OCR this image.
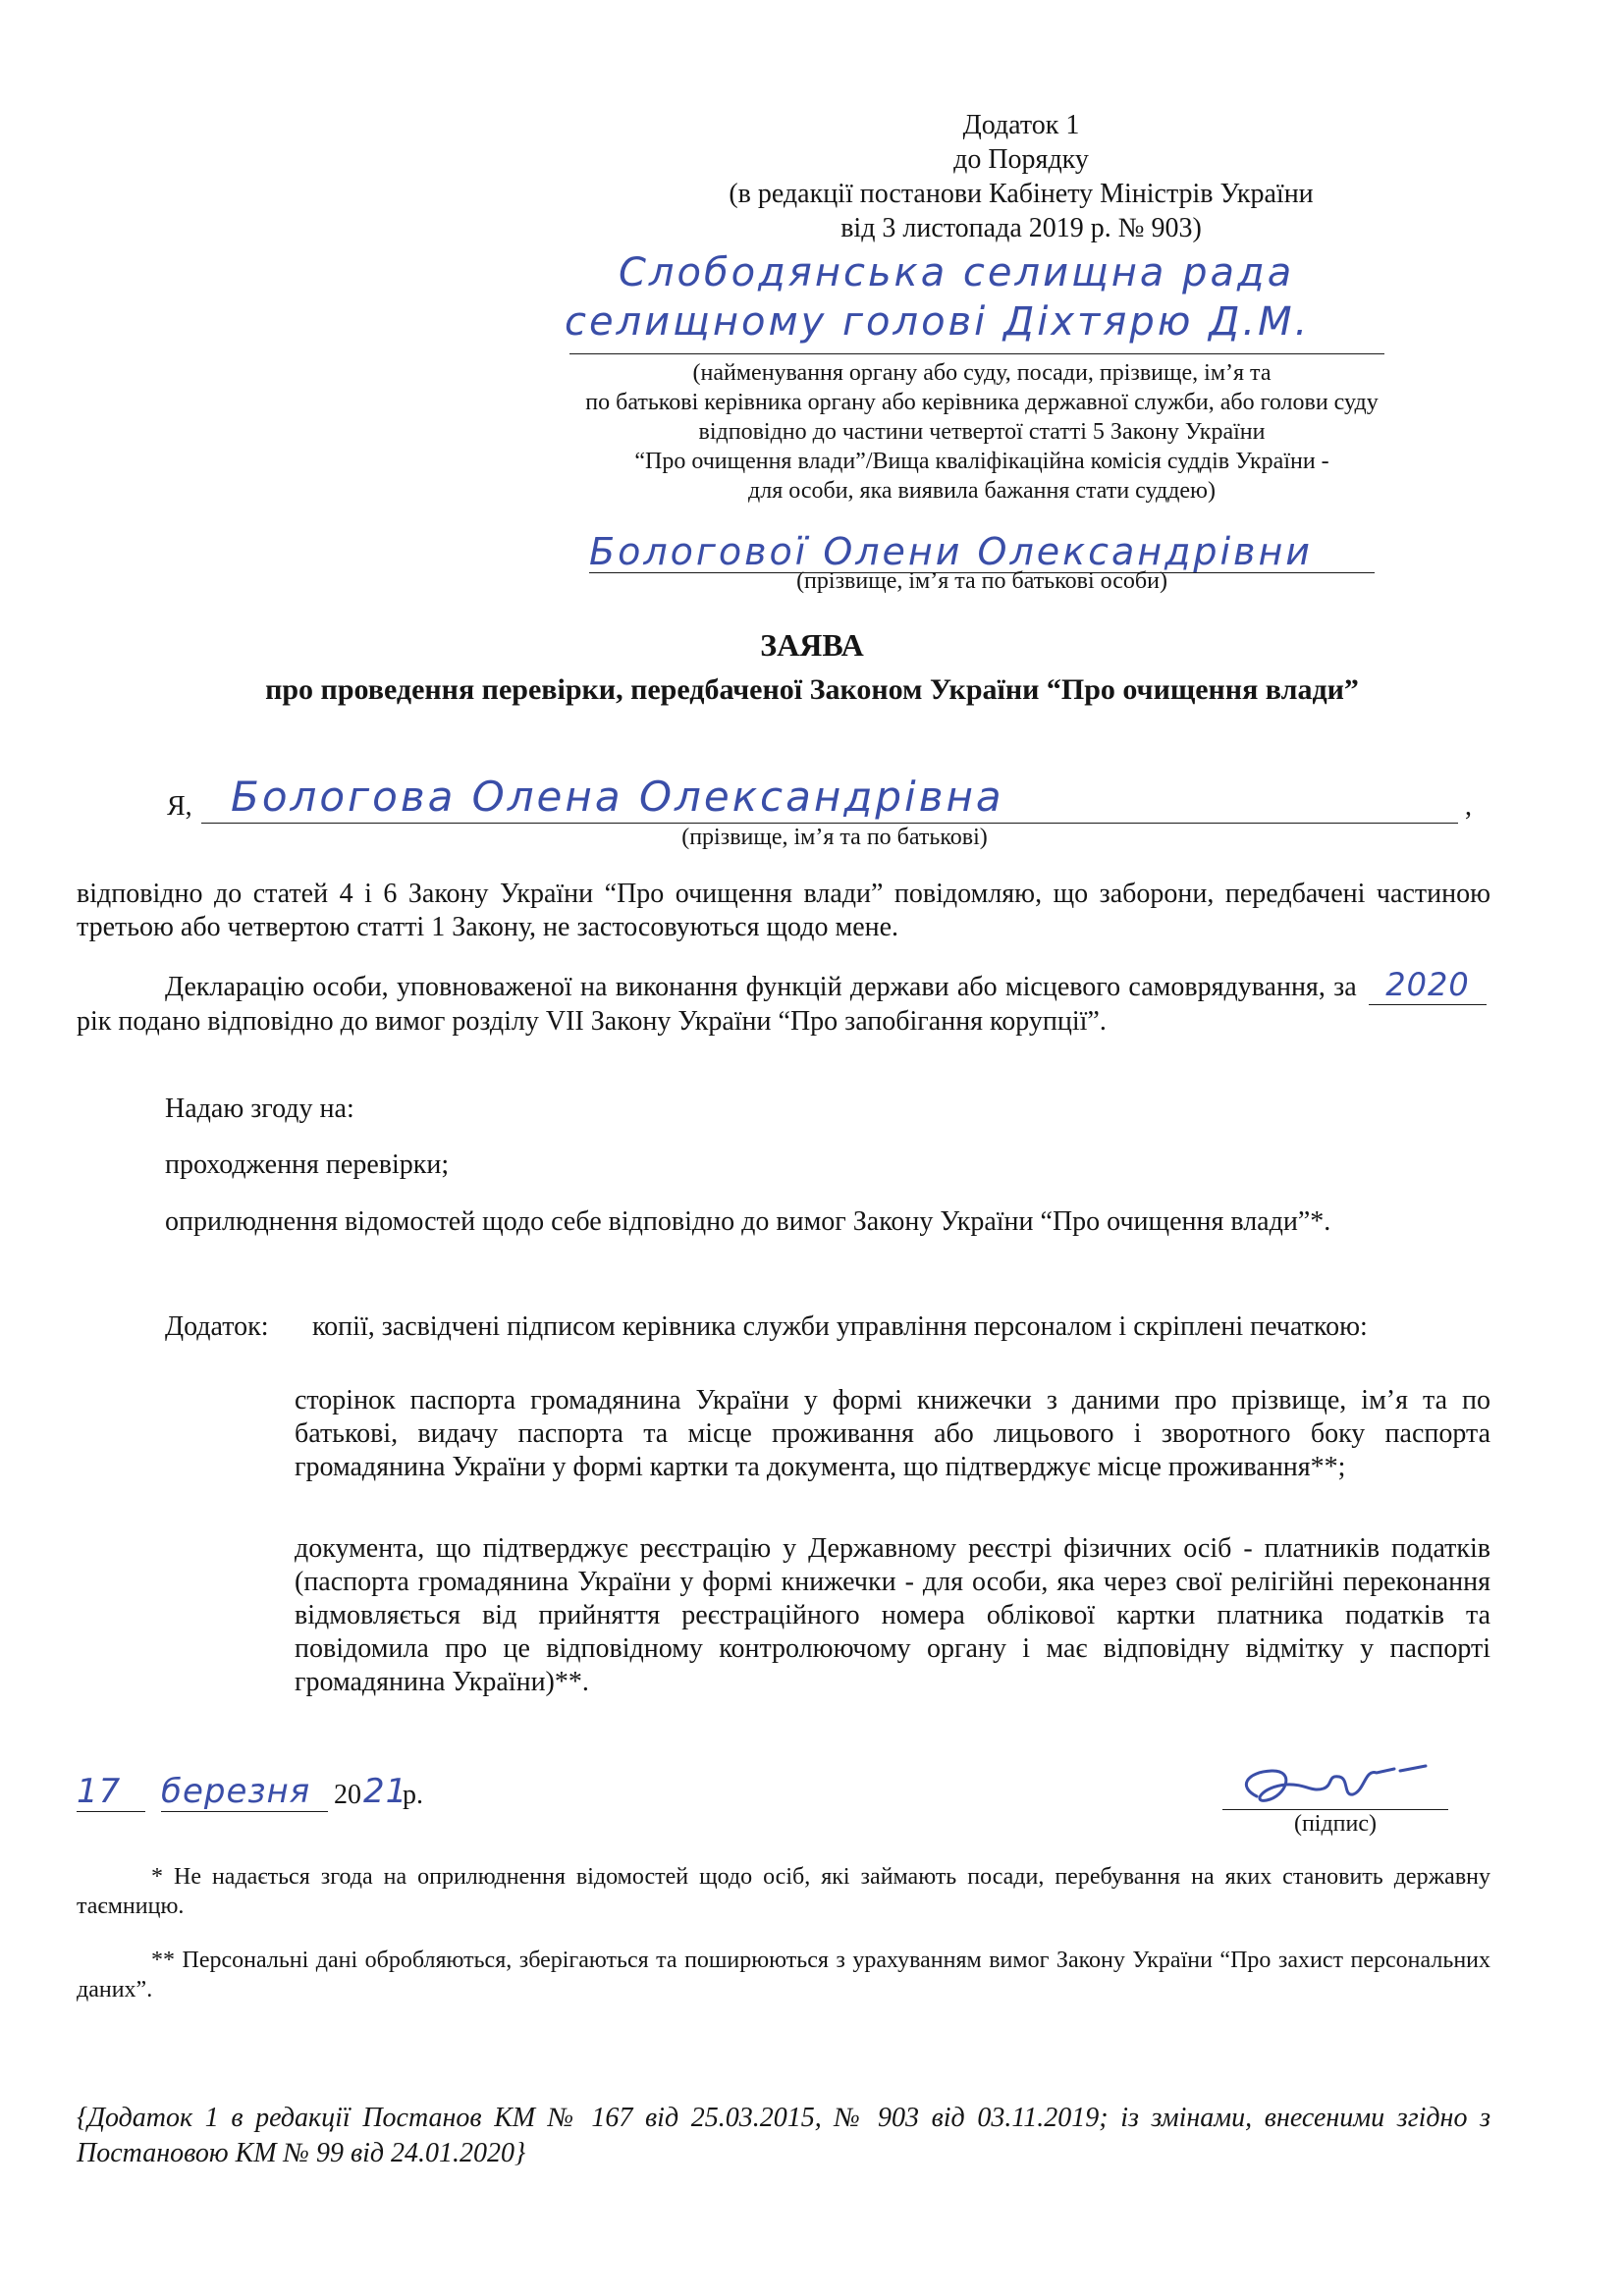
Додаток 1
до Порядку
(в редакції постанови Кабінету Міністрів України
від 3 листопада 2019 р. № 903)
Слободянська селищна рада
селищному голові Діхтярю Д.М.
(найменування органу або суду, посади, прізвище, ім’я та
по батькові керівника органу або керівника державної служби, або голови суду
відповідно до частини четвертої статті 5 Закону України
“Про очищення влади”/Вища кваліфікаційна комісія суддів України -
для особи, яка виявила бажання стати суддею)
Бологової Олени Олександрівни
(прізвище, ім’я та по батькові особи)
ЗАЯВА
про проведення перевірки, передбаченої Законом України “Про очищення влади”
Я, Бологова Олена Олександрівна	,
(прізвище, ім’я та по батькові)
відповідно до статей 4 і 6 Закону України “Про очищення влади” повідомляю, що заборони, передбачені частиною третьою або четвертою статті 1 Закону, не застосовуються щодо мене.
Декларацію особи, уповноваженої на виконання функцій держави або місцевого самоврядування, за 2020 рік подано відповідно до вимог розділу VII Закону України “Про запобігання корупції”.
Надаю згоду на:
проходження перевірки;
оприлюднення відомостей щодо себе відповідно до вимог Закону України “Про очищення влади”*.
Додаток: копії, засвідчені підписом керівника служби управління персоналом і скріплені печаткою:
сторінок паспорта громадянина України у формі книжечки з даними про прізвище, ім’я та по батькові, видачу паспорта та місце проживання або лицьового і зворотного боку паспорта громадянина України у формі картки та документа, що підтверджує місце проживання**;
документа, що підтверджує реєстрацію у Державному реєстрі фізичних осіб - платників податків (паспорта громадянина України у формі книжечки - для особи, яка через свої релігійні переконання відмовляється від прийняття реєстраційного номера облікової картки платника податків та повідомила про це відповідному контролюючому органу і має відповідну відмітку у паспорті громадянина України)**.
17 березня 20 21
р.
(підпис)
* Не надається згода на оприлюднення відомостей щодо осіб, які займають посади, перебування на яких становить державну таємницю.
** Персональні дані обробляються, зберігаються та поширюються з урахуванням вимог Закону України “Про захист персональних даних”.
{Додаток 1 в редакції Постанов КМ № 167 від 25.03.2015, № 903 від 03.11.2019; із змінами, внесеними згідно з Постановою КМ № 99 від 24.01.2020}
